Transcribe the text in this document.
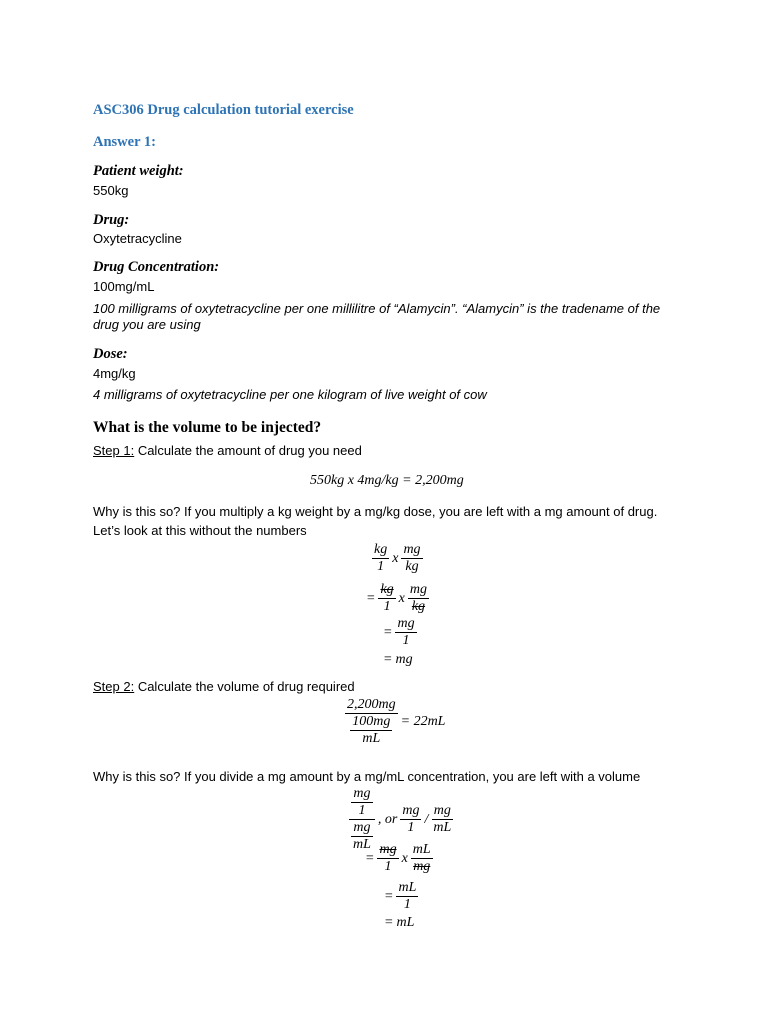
ASC306 Drug calculation tutorial exercise
Answer 1:
Patient weight:
550kg
Drug:
Oxytetracycline
Drug Concentration:
100mg/mL
100 milligrams of oxytetracycline per one millilitre of “Alamycin”. “Alamycin” is the tradename of the
drug you are using
Dose:
4mg/kg
4 milligrams of oxytetracycline per one kilogram of live weight of cow
What is the volume to be injected?
Step 1: Calculate the amount of drug you need
550kg x 4mg/kg = 2,200mg
Why is this so? If you multiply a kg weight by a mg/kg dose, you are left with a mg amount of drug.
Let’s look at this without the numbers
$\frac{kg}{1}$ x $\frac{mg}{kg}$
= $\frac{kg}{1}$ x $\frac{mg}{kg}$
= $\frac{mg}{1}$
= mg
Step 2: Calculate the volume of drug required
$\frac{2,200mg}{\frac{100mg}{mL}} = 22mL$
Why is this so? If you divide a mg amount by a mg/mL concentration, you are left with a volume
$\frac{\frac{mg}{1}}{\frac{mg}{mL}}$ , or $\frac{mg}{1} / \frac{mg}{mL}$
= $\frac{mg}{1}$ x $\frac{mL}{mg}$
= $\frac{mL}{1}$
= mL
